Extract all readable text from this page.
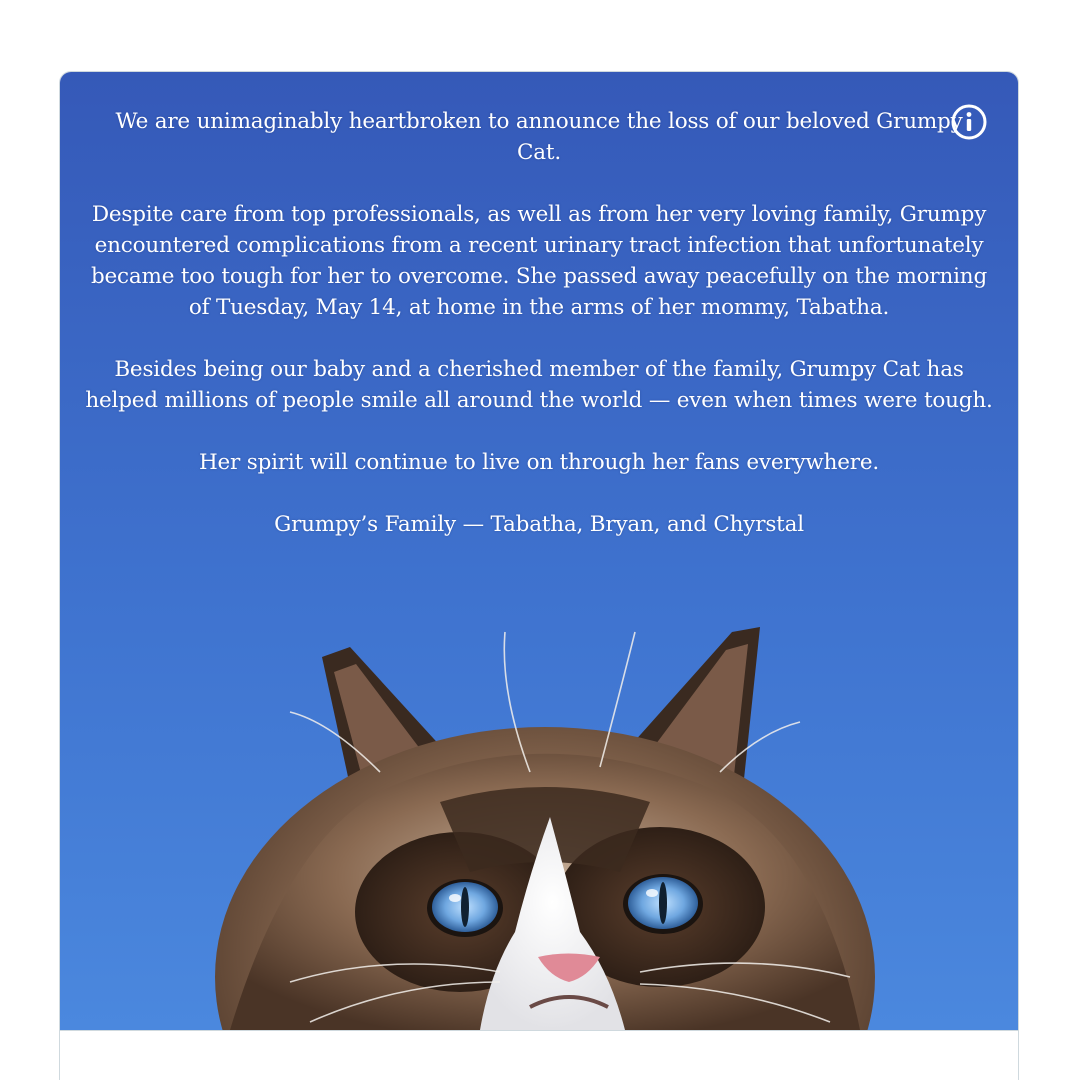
We are unimaginably heartbroken to announce the loss of our beloved Grumpy Cat.

Despite care from top professionals, as well as from her very loving family, Grumpy encountered complications from a recent urinary tract infection that unfortunately became too tough for her to overcome. She passed away peacefully on the morning of Tuesday, May 14, at home in the arms of her mommy, Tabatha.

Besides being our baby and a cherished member of the family, Grumpy Cat has helped millions of people smile all around the world — even when times were tough.

Her spirit will continue to live on through her fans everywhere.

Grumpy’s Family — Tabatha, Bryan, and Chyrstal
